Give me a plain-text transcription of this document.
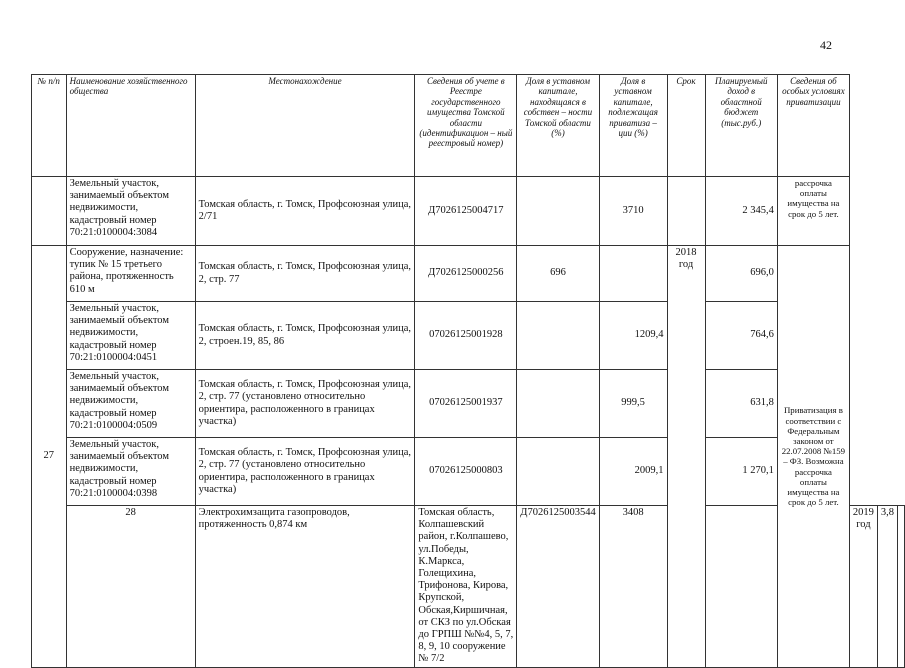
42
№ п/п	Наименование хозяйственного общества	Местонахождение	Сведения об учете в Реестре государственного имущества Томской области (идентификацион – ный реестровый номер)	Доля в уставном капитале, находящаяся в собствен – ности Томской области (%)	Доля в уставном капитале, подлежащая приватиза – ции (%)	Срок	Планируемый доход в областной бюджет (тыс.руб.)	Сведения об особых условиях приватизации			
	Земельный участок, занимаемый объектом недвижимости, кадастровый номер 70:21:0100004:3084	Томская область, г. Томск, Профсоюзная улица, 2/71	Д7026125004717		3710		2 345,4	рассрочка оплаты имущества на срок до 5 лет.			
27	Сооружение, назначение: тупик № 15 третьего района, протяженность 610 м	Томская область, г. Томск, Профсоюзная улица, 2, стр. 77	Д7026125000256	696		2018 год	696,0	Приватизация в соответствии с Федеральным законом от 22.07.2008 №159 – ФЗ. Возможна рассрочка оплаты имущества на срок до 5 лет.			
	Земельный участок, занимаемый объектом недвижимости, кадастровый номер 70:21:0100004:0451	Томская область, г. Томск, Профсоюзная улица, 2, строен.19, 85, 86	07026125001928		1209,4		764,6				
	Земельный участок, занимаемый объектом недвижимости, кадастровый номер 70:21:0100004:0509	Томская область, г. Томск, Профсоюзная улица, 2, стр. 77 (установлено относительно ориентира, расположенного в границах участка)	07026125001937		999,5		631,8				
	Земельный участок, занимаемый объектом недвижимости, кадастровый номер 70:21:0100004:0398	Томская область, г. Томск, Профсоюзная улица, 2, стр. 77 (установлено относительно ориентира, расположенного в границах участка)	07026125000803		2009,1		1 270,1				
	28	Электрохимзащита газопроводов, протяженность 0,874 км	Томская область, Колпашевский район, г.Колпашево, ул.Победы, К.Маркса, Голещихина, Трифонова, Кирова, Крупской, Обская,Киршичная, от СКЗ по ул.Обская до ГРПШ №№4, 5, 7, 8, 9, 10 сооружение № 7/2	Д7026125003544	3408				2019 год	3,8	
